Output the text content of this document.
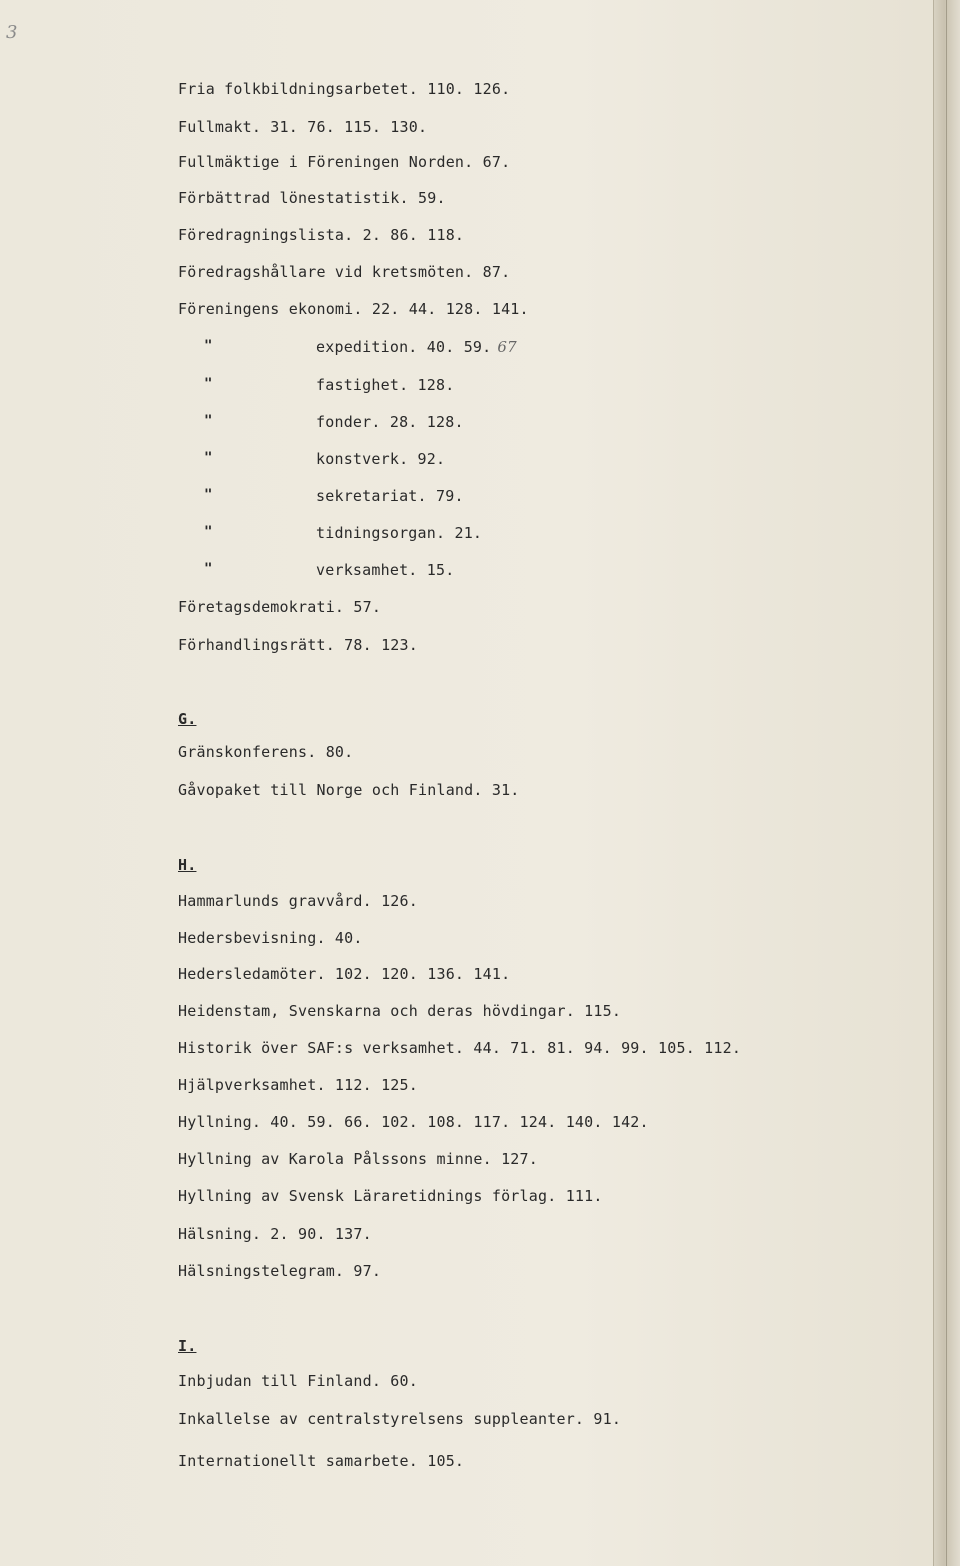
3
Fria folkbildningsarbetet. 110. 126.
Fullmakt. 31. 76. 115. 130.
Fullmäktige i Föreningen Norden. 67.
Förbättrad lönestatistik. 59.
Föredragningslista. 2. 86. 118.
Föredragshållare vid kretsmöten. 87.
Föreningens ekonomi. 22. 44. 128. 141.
"	expedition. 40. 59. 67
"	fastighet. 128.
"	fonder. 28. 128.
"	konstverk. 92.
"	sekretariat. 79.
"	tidningsorgan. 21.
"	verksamhet. 15.
Företagsdemokrati. 57.
Förhandlingsrätt. 78. 123.
G.
Gränskonferens. 80.
Gåvopaket till Norge och Finland. 31.
H.
Hammarlunds gravvård. 126.
Hedersbevisning. 40.
Hedersledamöter. 102. 120. 136. 141.
Heidenstam, Svenskarna och deras hövdingar. 115.
Historik över SAF:s verksamhet. 44. 71. 81. 94. 99. 105. 112.
Hjälpverksamhet. 112. 125.
Hyllning. 40. 59. 66. 102. 108. 117. 124. 140. 142.
Hyllning av Karola Pålssons minne. 127.
Hyllning av Svensk Läraretidnings förlag. 111.
Hälsning. 2. 90. 137.
Hälsningstelegram. 97.
I.
Inbjudan till Finland. 60.
Inkallelse av centralstyrelsens suppleanter. 91.
Internationellt samarbete. 105.
